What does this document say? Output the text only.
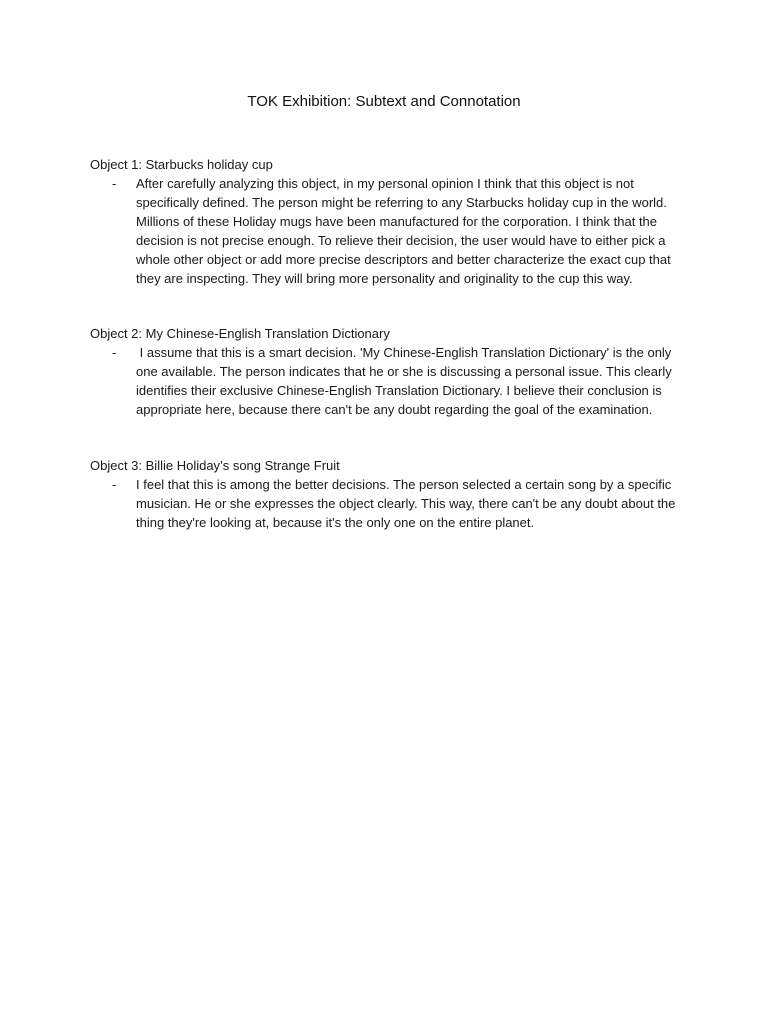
TOK Exhibition: Subtext and Connotation

Object 1: Starbucks holiday cup

- After carefully analyzing this object, in my personal opinion I think that this object is not specifically defined. The person might be referring to any Starbucks holiday cup in the world. Millions of these Holiday mugs have been manufactured for the corporation. I think that the decision is not precise enough. To relieve their decision, the user would have to either pick a whole other object or add more precise descriptors and better characterize the exact cup that they are inspecting. They will bring more personality and originality to the cup this way.

Object 2: My Chinese-English Translation Dictionary

- I assume that this is a smart decision. 'My Chinese-English Translation Dictionary' is the only one available. The person indicates that he or she is discussing a personal issue. This clearly identifies their exclusive Chinese-English Translation Dictionary. I believe their conclusion is appropriate here, because there can't be any doubt regarding the goal of the examination.

Object 3: Billie Holiday’s song Strange Fruit

- I feel that this is among the better decisions. The person selected a certain song by a specific musician. He or she expresses the object clearly. This way, there can't be any doubt about the thing they're looking at, because it's the only one on the entire planet.
